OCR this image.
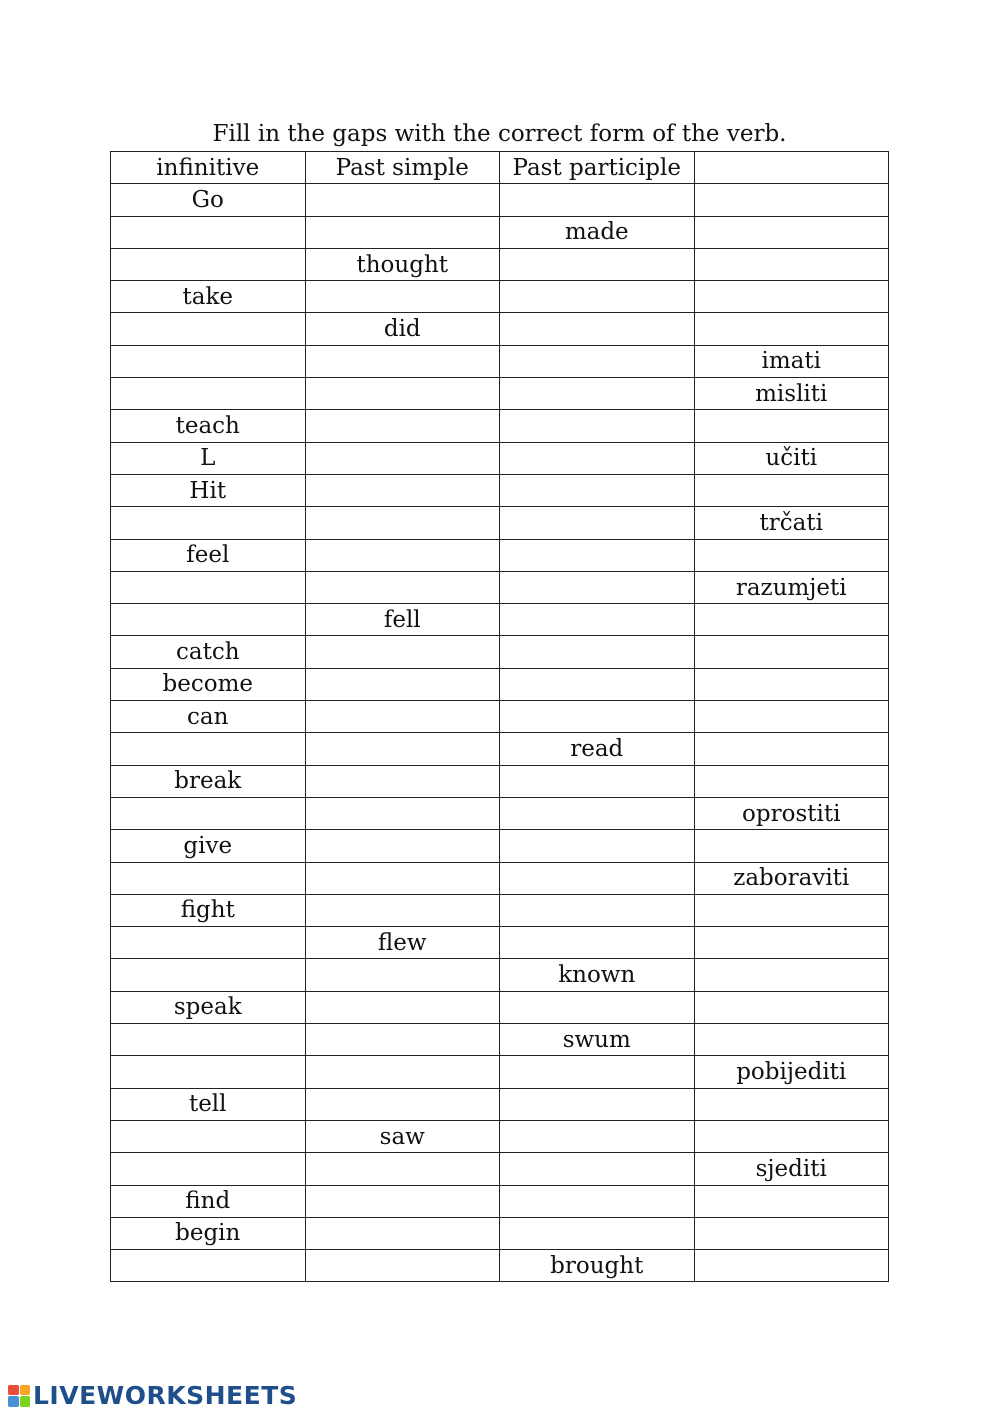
Fill in the gaps with the correct form of the verb.
infinitive	Past simple	Past participle	
Go			
		made	
	thought		
take			
	did		
			imati
			misliti
teach			
L			učiti
Hit			
			trčati
feel			
			razumjeti
	fell		
catch			
become			
can			
		read	
break			
			oprostiti
give			
			zaboraviti
fight			
	flew		
		known	
speak			
		swum	
			pobijediti
tell			
	saw		
			sjediti
find			
begin			
		brought	
LIVEWORKSHEETS
